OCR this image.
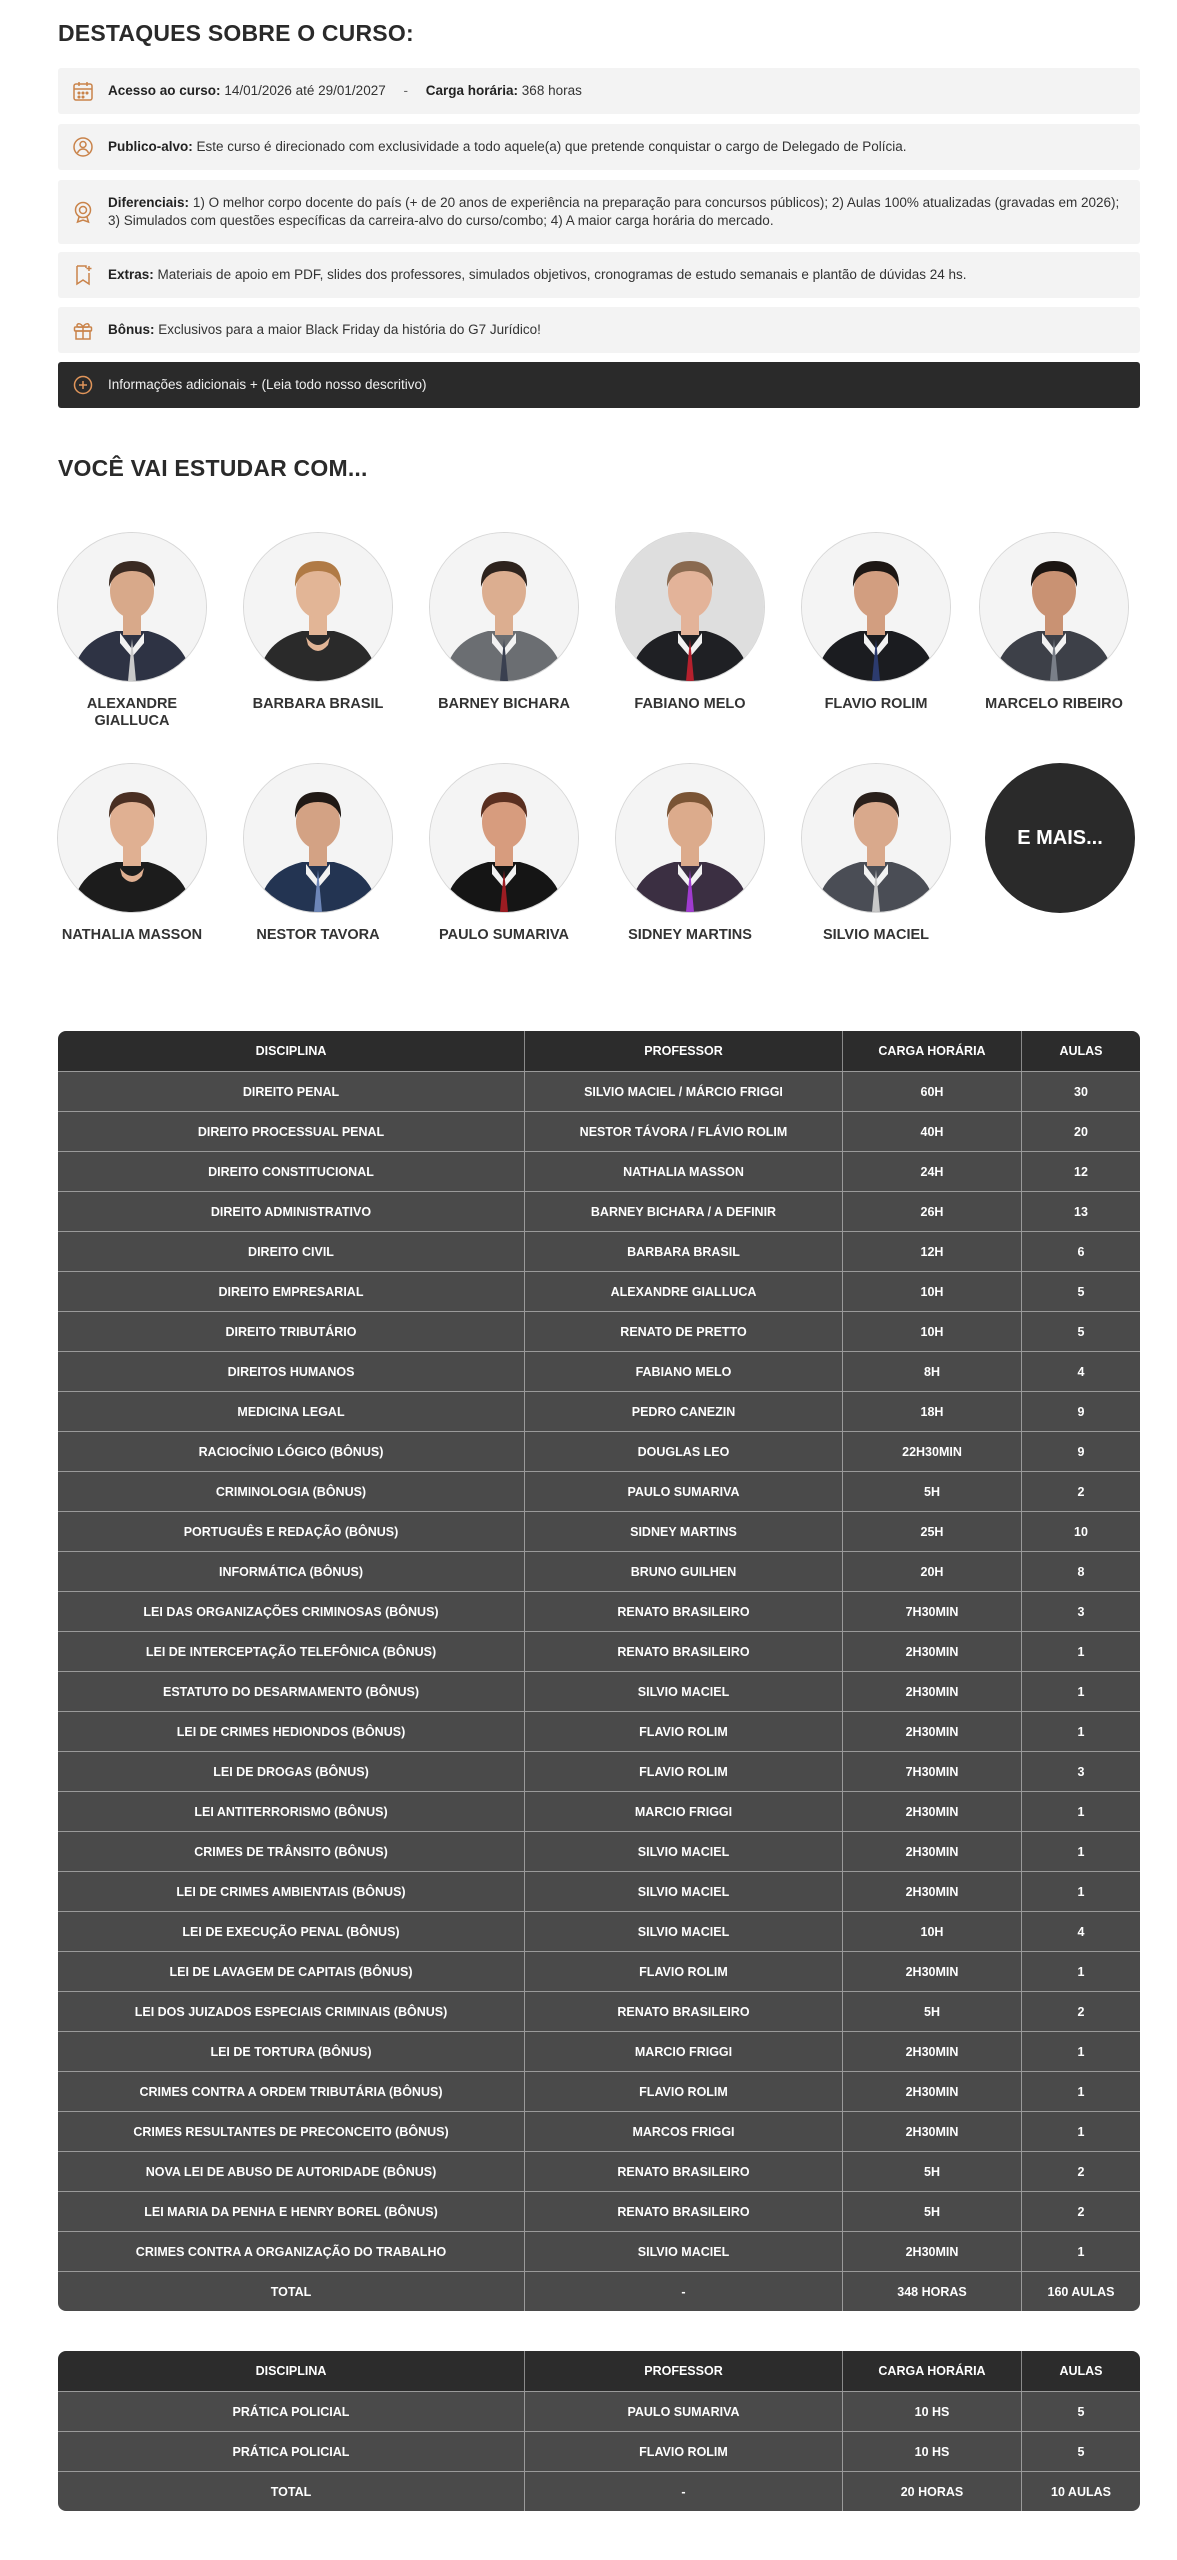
DESTAQUES SOBRE O CURSO:
Acesso ao curso: 14/01/2026 até 29/01/2027 - Carga horária: 368 horas
Publico-alvo: Este curso é direcionado com exclusividade a todo aquele(a) que pretende conquistar o cargo de Delegado de Polícia.
Diferenciais: 1) O melhor corpo docente do país (+ de 20 anos de experiência na preparação para concursos públicos); 2) Aulas 100% atualizadas (gravadas em 2026); 3) Simulados com questões específicas da carreira-alvo do curso/combo; 4) A maior carga horária do mercado.
Extras: Materiais de apoio em PDF, slides dos professores, simulados objetivos, cronogramas de estudo semanais e plantão de dúvidas 24 hs.
Bônus: Exclusivos para a maior Black Friday da história do G7 Jurídico!
Informações adicionais + (Leia todo nosso descritivo)
VOCÊ VAI ESTUDAR COM...
E MAIS...
DISCIPLINA	PROFESSOR	CARGA HORÁRIA	AULAS
DIREITO PENAL	SILVIO MACIEL / MÁRCIO FRIGGI	60H	30
DIREITO PROCESSUAL PENAL	NESTOR TÁVORA / FLÁVIO ROLIM	40H	20
DIREITO CONSTITUCIONAL	NATHALIA MASSON	24H	12
DIREITO ADMINISTRATIVO	BARNEY BICHARA / A DEFINIR	26H	13
DIREITO CIVIL	BARBARA BRASIL	12H	6
DIREITO EMPRESARIAL	ALEXANDRE GIALLUCA	10H	5
DIREITO TRIBUTÁRIO	RENATO DE PRETTO	10H	5
DIREITOS HUMANOS	FABIANO MELO	8H	4
MEDICINA LEGAL	PEDRO CANEZIN	18H	9
RACIOCÍNIO LÓGICO (BÔNUS)	DOUGLAS LEO	22H30MIN	9
CRIMINOLOGIA (BÔNUS)	PAULO SUMARIVA	5H	2
PORTUGUÊS E REDAÇÃO (BÔNUS)	SIDNEY MARTINS	25H	10
INFORMÁTICA (BÔNUS)	BRUNO GUILHEN	20H	8
LEI DAS ORGANIZAÇÕES CRIMINOSAS (BÔNUS)	RENATO BRASILEIRO	7H30MIN	3
LEI DE INTERCEPTAÇÃO TELEFÔNICA (BÔNUS)	RENATO BRASILEIRO	2H30MIN	1
ESTATUTO DO DESARMAMENTO (BÔNUS)	SILVIO MACIEL	2H30MIN	1
LEI DE CRIMES HEDIONDOS (BÔNUS)	FLAVIO ROLIM	2H30MIN	1
LEI DE DROGAS (BÔNUS)	FLAVIO ROLIM	7H30MIN	3
LEI ANTITERRORISMO (BÔNUS)	MARCIO FRIGGI	2H30MIN	1
CRIMES DE TRÂNSITO (BÔNUS)	SILVIO MACIEL	2H30MIN	1
LEI DE CRIMES AMBIENTAIS (BÔNUS)	SILVIO MACIEL	2H30MIN	1
LEI DE EXECUÇÃO PENAL (BÔNUS)	SILVIO MACIEL	10H	4
LEI DE LAVAGEM DE CAPITAIS (BÔNUS)	FLAVIO ROLIM	2H30MIN	1
LEI DOS JUIZADOS ESPECIAIS CRIMINAIS (BÔNUS)	RENATO BRASILEIRO	5H	2
LEI DE TORTURA (BÔNUS)	MARCIO FRIGGI	2H30MIN	1
CRIMES CONTRA A ORDEM TRIBUTÁRIA (BÔNUS)	FLAVIO ROLIM	2H30MIN	1
CRIMES RESULTANTES DE PRECONCEITO (BÔNUS)	MARCOS FRIGGI	2H30MIN	1
NOVA LEI DE ABUSO DE AUTORIDADE (BÔNUS)	RENATO BRASILEIRO	5H	2
LEI MARIA DA PENHA E HENRY BOREL (BÔNUS)	RENATO BRASILEIRO	5H	2
CRIMES CONTRA A ORGANIZAÇÃO DO TRABALHO	SILVIO MACIEL	2H30MIN	1
TOTAL	-	348 HORAS	160 AULAS
DISCIPLINA	PROFESSOR	CARGA HORÁRIA	AULAS
PRÁTICA POLICIAL	PAULO SUMARIVA	10 HS	5
PRÁTICA POLICIAL	FLAVIO ROLIM	10 HS	5
TOTAL	-	20 HORAS	10 AULAS
ALEXANDRE GIALLUCA
BARBARA BRASIL	BARNEY BICHARA	FABIANO MELO	FLAVIO ROLIM	MARCELO RIBEIRO
NATHALIA MASSON	NESTOR TAVORA	PAULO SUMARIVA	SIDNEY MARTINS	SILVIO MACIEL
